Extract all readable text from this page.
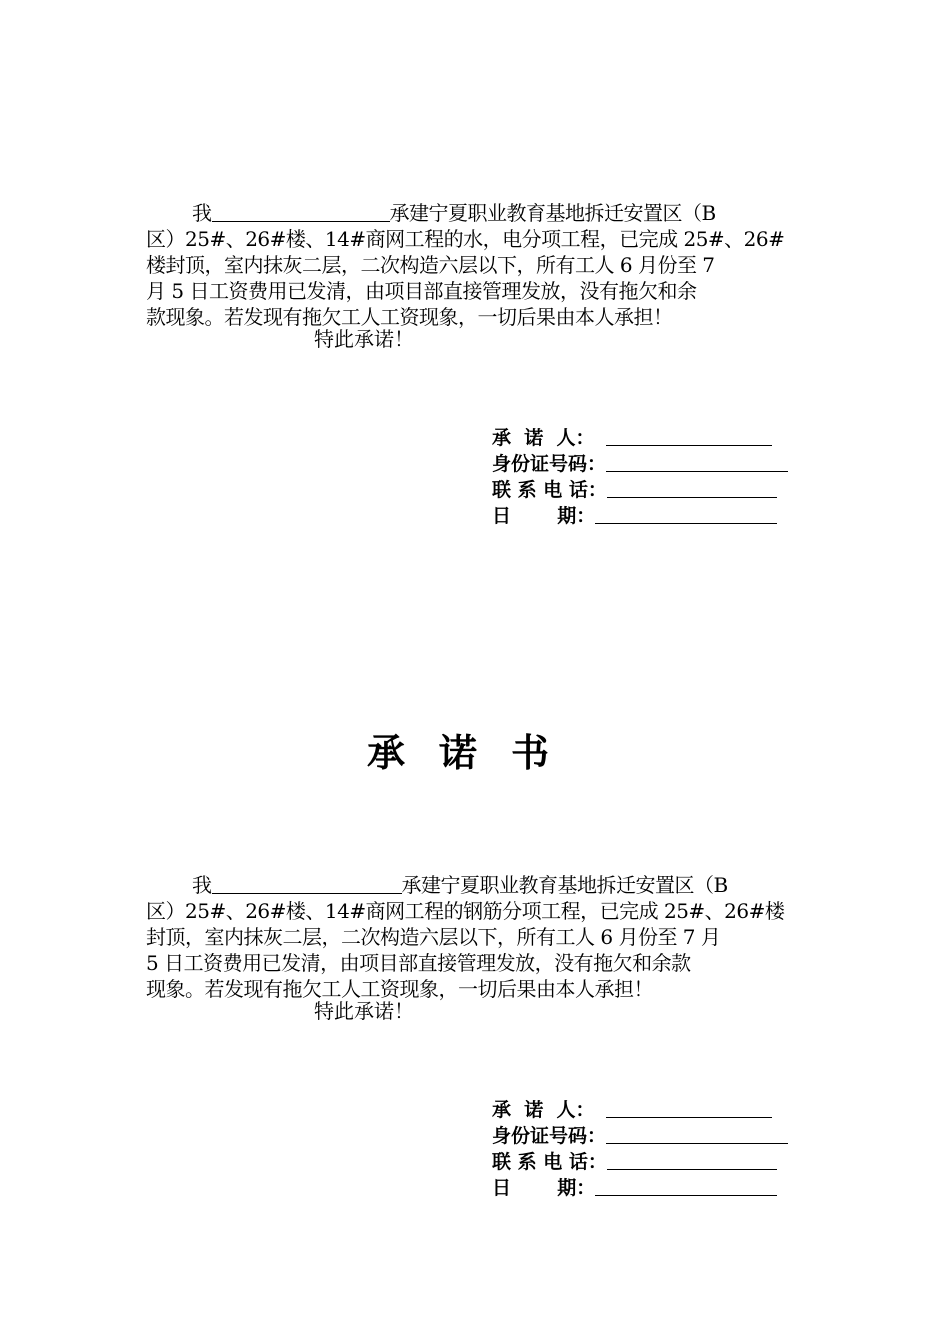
我	承建宁夏职业教育基地拆迁安置区（B
区）25#、26#楼、14#商网工程的水，电分项工程，已完成 25#、26#
楼封顶，室内抹灰二层，二次构造六层以下，所有工人 6 月份至 7
月 5 日工资费用已发清，由项目部直接管理发放，没有拖欠和余
款现象。若发现有拖欠工人工资现象，一切后果由本人承担！

特此承诺！

承  诺  人：
身份证号码：
联 系 电 话：
日       期：
承诺书
我	承建宁夏职业教育基地拆迁安置区（B
区）25#、26#楼、14#商网工程的钢筋分项工程，已完成 25#、26#楼
封顶，室内抹灰二层，二次构造六层以下，所有工人 6 月份至 7 月
5 日工资费用已发清，由项目部直接管理发放，没有拖欠和余款
现象。若发现有拖欠工人工资现象，一切后果由本人承担！

特此承诺！

承  诺  人：
身份证号码：
联 系 电 话：
日       期：
